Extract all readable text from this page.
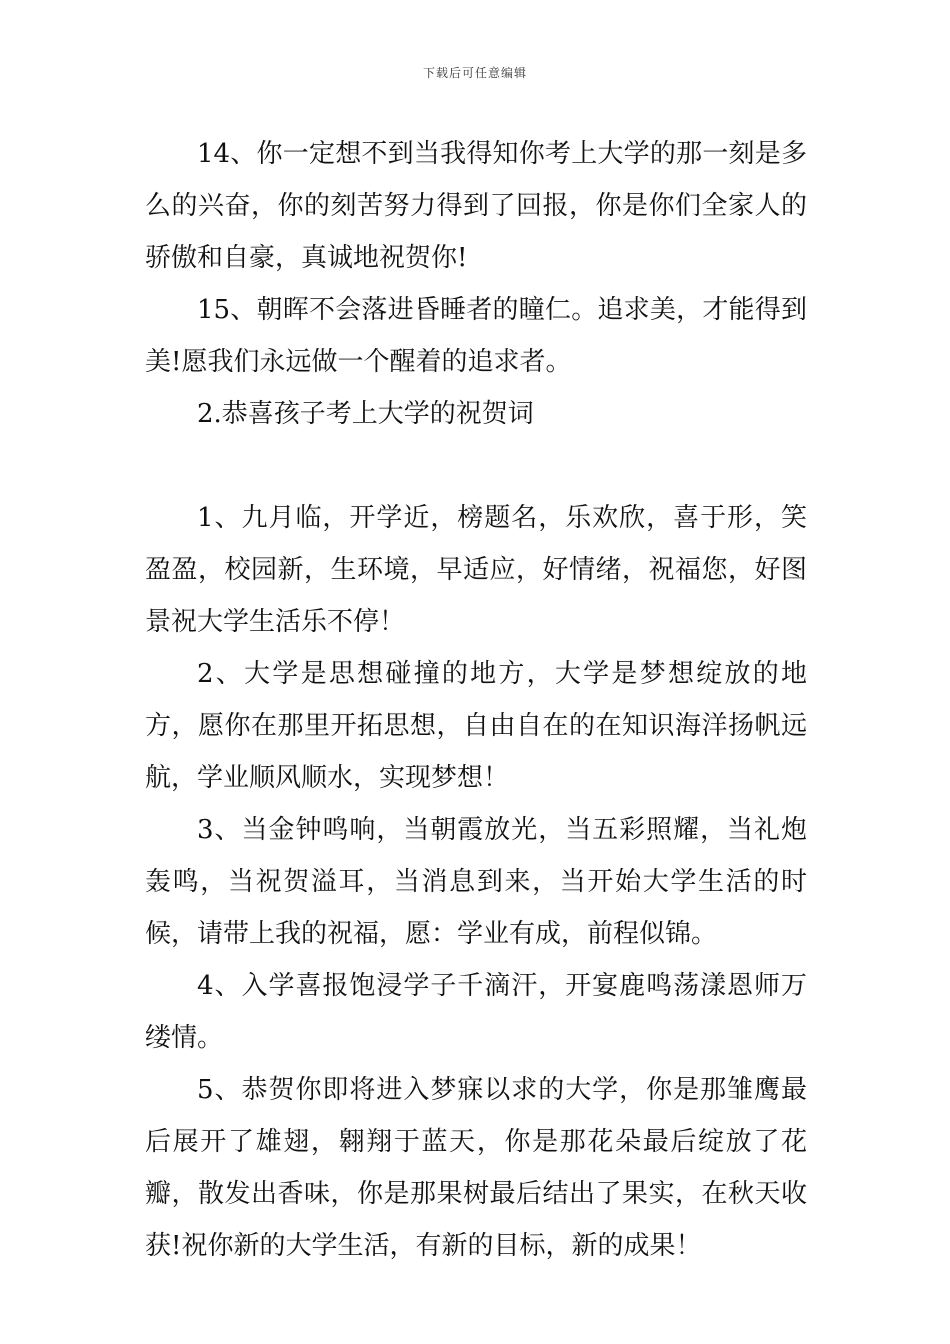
下载后可任意编辑

14、你一定想不到当我得知你考上大学的那一刻是多么的兴奋，你的刻苦努力得到了回报，你是你们全家人的骄傲和自豪，真诚地祝贺你!

15、朝晖不会落进昏睡者的瞳仁。追求美，才能得到美!愿我们永远做一个醒着的追求者。

2.恭喜孩子考上大学的祝贺词

1、九月临，开学近，榜题名，乐欢欣，喜于形，笑盈盈，校园新，生环境，早适应，好情绪，祝福您，好图景祝大学生活乐不停！

2、大学是思想碰撞的地方，大学是梦想绽放的地方，愿你在那里开拓思想，自由自在的在知识海洋扬帆远航，学业顺风顺水，实现梦想！

3、当金钟鸣响，当朝霞放光，当五彩照耀，当礼炮轰鸣，当祝贺溢耳，当消息到来，当开始大学生活的时候，请带上我的祝福，愿：学业有成，前程似锦。

4、入学喜报饱浸学子千滴汗，开宴鹿鸣荡漾恩师万缕情。

5、恭贺你即将进入梦寐以求的大学，你是那雏鹰最后展开了雄翅，翱翔于蓝天，你是那花朵最后绽放了花瓣，散发出香味，你是那果树最后结出了果实，在秋天收获!祝你新的大学生活，有新的目标，新的成果！
